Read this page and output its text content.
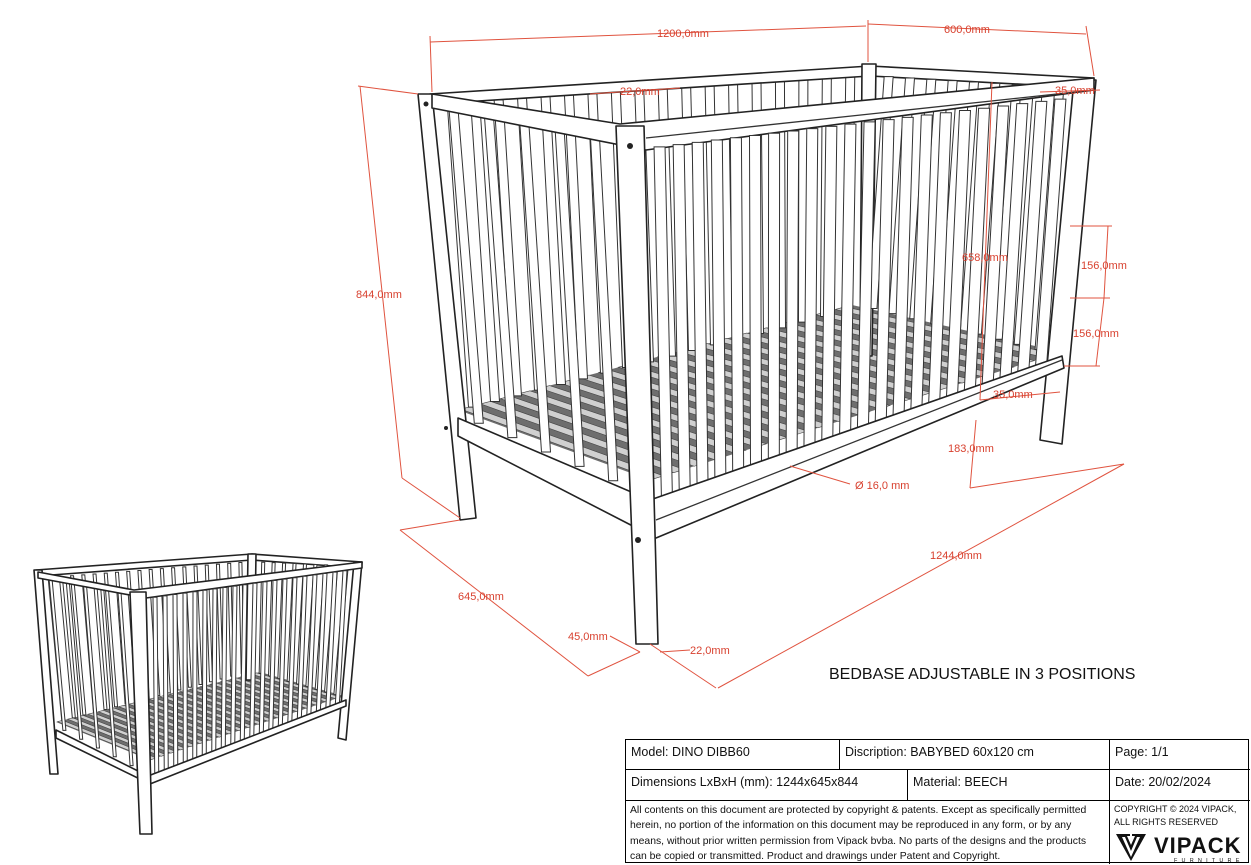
1200,0mm	600,0mm
22,0mm	35,0mm
844,0mm
658,0mm
156,0mm
156,0mm
35,0mm
183,0mm
Ø 16,0 mm
1244,0mm
645,0mm
45,0mm
22,0mm
BEDBASE ADJUSTABLE IN 3 POSITIONS
Model: DINO DIBB60	Discription: BABYBED 60x120 cm	Page: 1/1
Dimensions LxBxH (mm): 1244x645x844	Material: BEECH	Date: 20/02/2024
All contents on this document are protected by copyright & patents. Except as specifically permitted herein, no portion of the information on this document may be reproduced in any form, or by any means, without prior written permission from Vipack bvba. No parts of the designs and the products can be copied or transmitted. Product and drawings under Patent and Copyright.
COPYRIGHT © 2024 VIPACK, ALL RIGHTS RESERVED
VIPACK
FURNITURE
